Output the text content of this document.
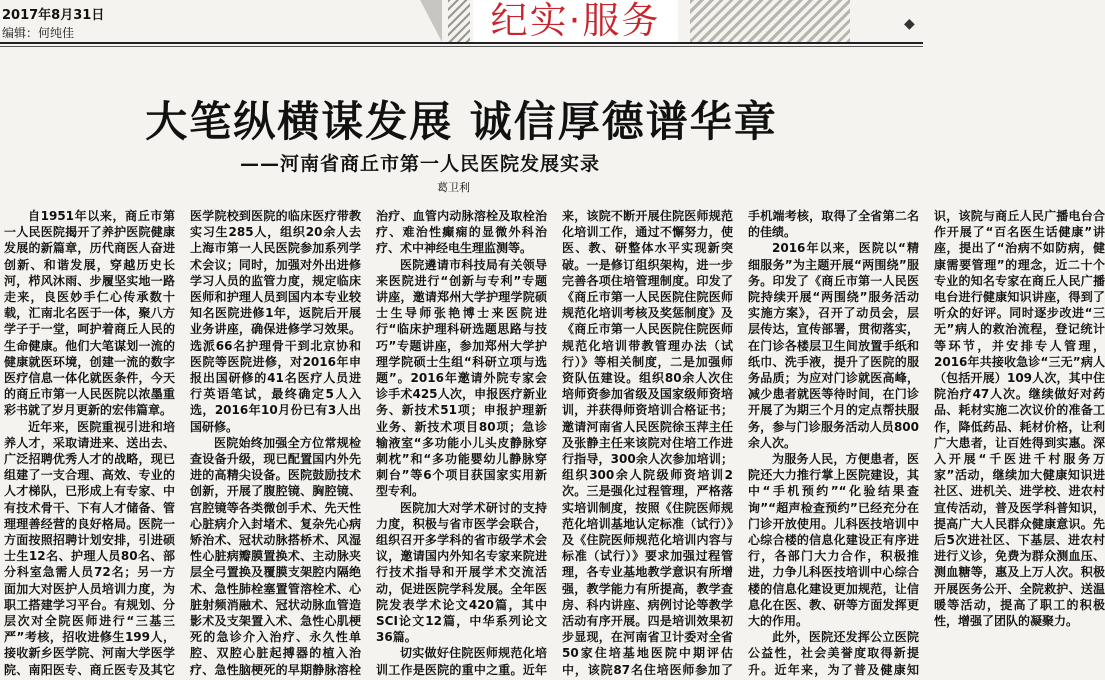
2017年8月31日
编辑：何纯佳	纪实·服务	◆
大笔纵横谋发展 诚信厚德谱华章
——河南省商丘市第一人民医院发展实录
葛卫利

自1951年以来，商丘市第一人民医院揭开了养护医院健康发展的新篇章，历代商医人奋进创新、和谐发展，穿越历史长河，栉风沐雨、步履坚实地一路走来，良医妙手仁心传承数十载，汇南北名医于一体，聚八方学子于一堂，呵护着商丘人民的生命健康。他们大笔谋划一流的健康就医环境，创建一流的数字医疗信息一体化就医条件，今天的商丘市第一人民医院以浓墨重彩书就了岁月更新的宏伟篇章。

近年来，医院重视引进和培养人才，采取请进来、送出去、广泛招聘优秀人才的战略，现已组建了一支合理、高效、专业的人才梯队，已形成上有专家、中有技术骨干、下有人才储备、管理理善经营的良好格局。医院一方面按照招聘计划安排，引进硕士生12名、护理人员80名、部分科室急需人员72名；另一方面加大对医护人员培训力度，为职工搭建学习平台。有规划、分层次对全院医师进行“三基三严”考核，招收进修生199人，接收新乡医学院、河南大学医学院、南阳医专、商丘医专及其它医学院校到医院的临床医疗带教实习生285人，组织20余人去上海市第一人民医院参加系列学术会议；同时，加强对外出进修学习人员的监管力度，规定临床医师和护理人员到国内本专业较知名医院进修1年，返院后开展业务讲座，确保进修学习效果。选派66名护理骨干到北京协和医院等医院进修，对2016年申报出国研修的41名医疗人员进行英语笔试，最终确定5人入选，2016年10月份已有3人出国研修。

医院始终加强全方位常规检查设备升级，现已配置国内外先进的高精尖设备。医院鼓励技术创新，开展了腹腔镜、胸腔镜、宫腔镜等各类微创手术、先天性心脏病介入封堵术、复杂先心病矫治术、冠状动脉搭桥术、风湿性心脏病瓣膜置换术、主动脉夹层全弓置换及覆膜支架腔内隔绝术、急性肺栓塞置管溶栓术、心脏射频消融术、冠状动脉血管造影术及支架置入术、急性心肌梗死的急诊介入治疗、永久性单腔、双腔心脏起搏器的植入治疗、急性脑梗死的早期静脉溶栓治疗、血管内动脉溶栓及取栓治疗、难治性癫痫的显微外科治疗、术中神经电生理监测等。

医院遴请市科技局有关领导来医院进行“创新与专利”专题讲座，邀请郑州大学护理学院硕士生导师张艳博士来医院进行“临床护理科研选题思路与技巧”专题讲座，参加郑州大学护理学院硕士生组“科研立项与选题”。2016年邀请外院专家会诊手术425人次，申报医疗新业务、新技术51项；申报护理新业务、新技术项目80项；急诊输液室“多功能小儿头皮静脉穿刺枕”和“多功能婴幼儿静脉穿刺台”等6个项目获国家实用新型专利。

医院加大对学术研讨的支持力度，积极与省市医学会联合，组织召开多学科的省市级学术会议，邀请国内外知名专家来院进行技术指导和开展学术交流活动，促进医院学科发展。全年医院发表学术论文420篇，其中SCI论文12篇，中华系列论文36篇。

切实做好住院医师规范化培训工作是医院的重中之重。近年来，该院不断开展住院医师规范化培训工作，通过不懈努力，使医、教、研整体水平实现新突破。一是修订组织架构，进一步完善各项住培管理制度。印发了《商丘市第一人民医院住院医师规范化培训考核及奖惩制度》及《商丘市第一人民医院住院医师规范化培训带教管理办法（试行）》等相关制度，二是加强师资队伍建设。组织80余人次住培师资参加省级及国家级师资培训，并获得师资培训合格证书；邀请河南省人民医院徐玉萍主任及张静主任来该院对住培工作进行指导，300余人次参加培训；组织300余人院级师资培训2次。三是强化过程管理，严格落实培训制度，按照《住院医师规范化培训基地认定标准（试行）》及《住院医师规范化培训内容与标准（试行）》要求加强过程管理，各专业基地教学意识有所增强，教学能力有所提高，教学查房、科内讲座、病例讨论等教学活动有序开展。四是培训效果初步显现，在河南省卫计委对全省50家住培基地医院中期评估中，该院87名住培医师参加了手机端考核，取得了全省第二名的佳绩。

2016年以来，医院以“精细服务”为主题开展“两围绕”服务。印发了《商丘市第一人民医院持续开展“两围绕”服务活动实施方案》，召开了动员会，层层传达，宣传部署，贯彻落实，在门诊各楼层卫生间放置手纸和纸巾、洗手液，提升了医院的服务品质；为应对门诊就医高峰，减少患者就医等待时间，在门诊开展了为期三个月的定点帮扶服务，参与门诊服务活动人员800余人次。

为服务人民，方便患者，医院还大力推行掌上医院建设，其中“手机预约”“化验结果查询”“超声检查预约”已经充分在门诊开放使用。儿科医技培训中心综合楼的信息化建设正有序进行，各部门大力合作，积极推进，力争儿科医技培训中心综合楼的信息化建设更加规范，让信息化在医、教、研等方面发挥更大的作用。

此外，医院还发挥公立医院公益性，社会美誉度取得新提升。近年来，为了普及健康知识，该院与商丘人民广播电台合作开展了“百名医生话健康”讲座，提出了“治病不如防病，健康需要管理”的理念，近二十个专业的知名专家在商丘人民广播电台进行健康知识讲座，得到了听众的好评。同时逐步改进“三无”病人的救治流程，登记统计等环节，并安排专人管理，2016年共接收急诊“三无”病人（包括开展）109人次，其中住院治疗47人次。继续做好对药品、耗材实施二次议价的准备工作，降低药品、耗材价格，让利广大患者，让百姓得到实惠。深入开展“千医进千村服务万家”活动，继续加大健康知识进社区、进机关、进学校、进农村宣传活动，普及医学科普知识，提高广大人民群众健康意识。先后5次进社区、下基层、进农村进行义诊，免费为群众测血压、测血糖等，惠及上万人次。积极开展医务公开、全院救护、送温暖等活动，提高了职工的积极性，增强了团队的凝聚力。
